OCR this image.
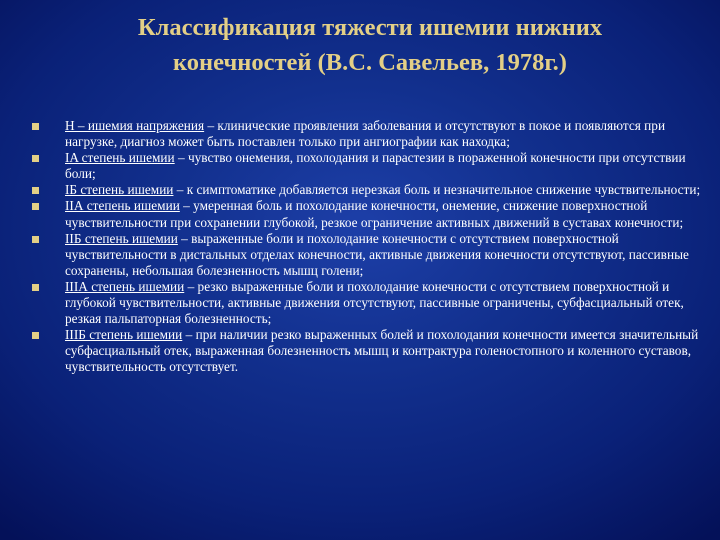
Классификация тяжести ишемии нижних
конечностей (В.С. Савельев, 1978г.)
Н – ишемия напряжения – клинические проявления заболевания и отсутствуют в покое и появляются при нагрузке, диагноз может быть поставлен только при ангиографии как находка;
IA степень ишемии – чувство онемения, похолодания и парастезии в пораженной конечности при отсутствии боли;
IБ степень ишемии – к симптоматике добавляется нерезкая боль и незначительное снижение чувствительности;
IIА степень ишемии – умеренная боль и похолодание конечности, онемение, снижение поверхностной чувствительности при сохранении глубокой, резкое ограничение активных движений в суставах конечности;
IIБ степень ишемии – выраженные боли и похолодание конечности с отсутствием поверхностной чувствительности в дистальных отделах конечности, активные движения конечности отсутствуют, пассивные сохранены, небольшая болезненность мышц голени;
IIIА степень ишемии – резко выраженные боли и похолодание конечности с отсутствием поверхностной и глубокой чувствительности, активные движения отсутствуют, пассивные ограничены, субфасциальный отек, резкая пальпаторная болезненность;
IIIБ степень ишемии – при наличии резко выраженных болей и похолодания конечности имеется значительный субфасциальный отек, выраженная болезненность мышц и контрактура голеностопного и коленного суставов, чувствительность отсутствует.
